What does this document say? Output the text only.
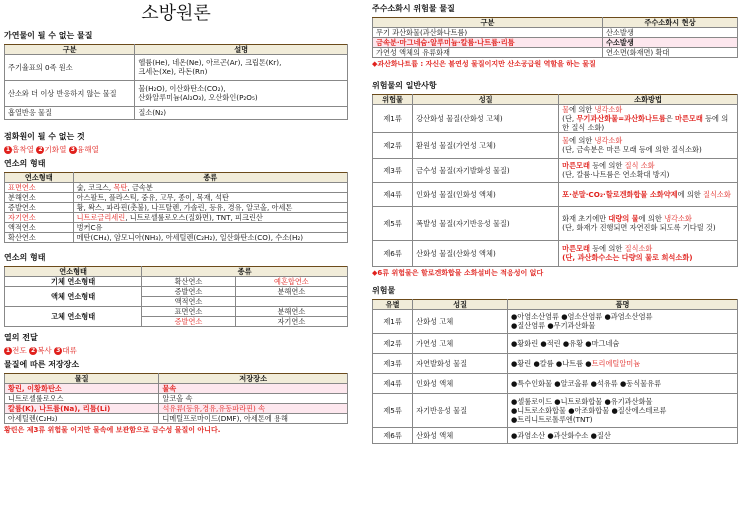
소방원론
가연물이 될 수 없는 물질
구분	설명
주기율표의 0족 원소	헬륨(He), 네온(Ne), 아르곤(Ar), 크립톤(Kr),
크세논(Xe), 라돈(Rn)

산소와 더 이상 반응하지 않는 물질	물(H₂O), 이산화탄소(CO₂),
산화알루미늄(Al₂O₃), 오산화인(P₂O₅)

흡열반응 물질	질소(N₂)
점화원이 될 수 없는 것
1 흡착열 2 기화열 3 융해열
연소의 형태
연소형태	종류
표면연소	숯, 코크스, 목탄, 금속분
분해연소	아스팔트, 플라스틱, 중유, 고무, 종이, 목재, 석탄
증발연소	황, 왁스, 파라핀(촛불), 나프탈렌, 가솔린, 등유, 경유, 알코올, 아세톤
자기연소	니트로글리세린, 니트로셀룰로오스(질화면), TNT, 피크린산
액적연소	벙커C유
확산연소	메탄(CH₄), 암모니아(NH₃), 아세틸렌(C₂H₂), 일산화탄소(CO), 수소(H₂)
연소의 형태
연소형태	종류	
기체 연소형태	확산연소	예혼합연소
액체 연소형태	증발연소	분해연소
	액적연소	
고체 연소형태	표면연소	분해연소
	증발연소	자기연소
열의 전달
1 전도 2 복사 3 대류
물질에 따른 저장장소
물질	저장장소
황린, 이황화탄소	물속
니트로셀룰로오스	알코올 속
칼륨(K), 나트륨(Na), 리튬(Li)	석유류(등유,경유,유동파라핀) 속
아세틸렌(C₂H₂)	디메틸프로마이드(DMF), 아세톤에 용해
황린은 제3류 위험물 이지만 물속에 보관함으로 금수성 물질이 아니다.
주수소화시 위험물 물질
구분	주수소화시 현상
무기 과산화물(과산화나트륨)	산소발생
금속분·마그네슘·알루미늄·칼륨·나트륨·리튬	수소발생
가연성 액체의 유류화재	연소면(화재면) 확대
◆과산화나트륨 : 자신은 불연성 물질이지만 산소공급원 역할을 하는 물질
위험물의 일반사항
위험물	성질	소화방법
제1류	강산화성 물질(산화성 고체)	물에 의한 냉각소화
(단, 무기과산화물=과산화나트륨은 마른모래 등에 의한 질식 소화)

제2류	환원성 물질(가연성 고체)	물에 의한 냉각소화
(단, 금속분은 마른 모래 등에 의한 질식소화)

제3류	금수성 물질(자기발화성 물질)	마른모래 등에 의한 질식 소화
(단, 칼륨·나트륨은 연소확대 방지)

제4류	인화성 물질(인화성 액체)	포·분말·CO₂·할로겐화합물 소화약제에 의한 질식소화
제5류	폭발성 물질(자기반응성 물질)	화재 초기에만 대량의 물에 의한 냉각소화
(단, 화재가 진행되면 자연진화 되도록 기다릴 것)

제6류	산화성 물질(산화성 액체)	마른모래 등에 의한 질식소화
(단, 과산화수소는 다량의 물로 희석소화)
◆6류 위험물은 할로겐화합물 소화설비는 적응성이 없다
위험물
유별	성질	품명
제1류	산화성 고체	●아염소산염류 ●염소산염류 ●과염소산염류
●질산염류 ●무기과산화물

제2류	가연성 고체	●황화린 ●적린 ●유황 ●마그네슘
제3류	자연발화성 물질	●황린 ●칼륨 ●나트륨 ●트리에틸알미늄
제4류	인화성 액체	●특수인화물 ●알코올류 ●석유류 ●동식물유류
제5류	자기반응성 물질	●셀룰로이드 ●니트로화합물 ●유기과산화물
●니트로소화합물 ●아조화합물 ●질산에스테르류
●트리니트로톨루엔(TNT)

제6류	산화성 액체	●과염소산 ●과산화수소 ●질산
